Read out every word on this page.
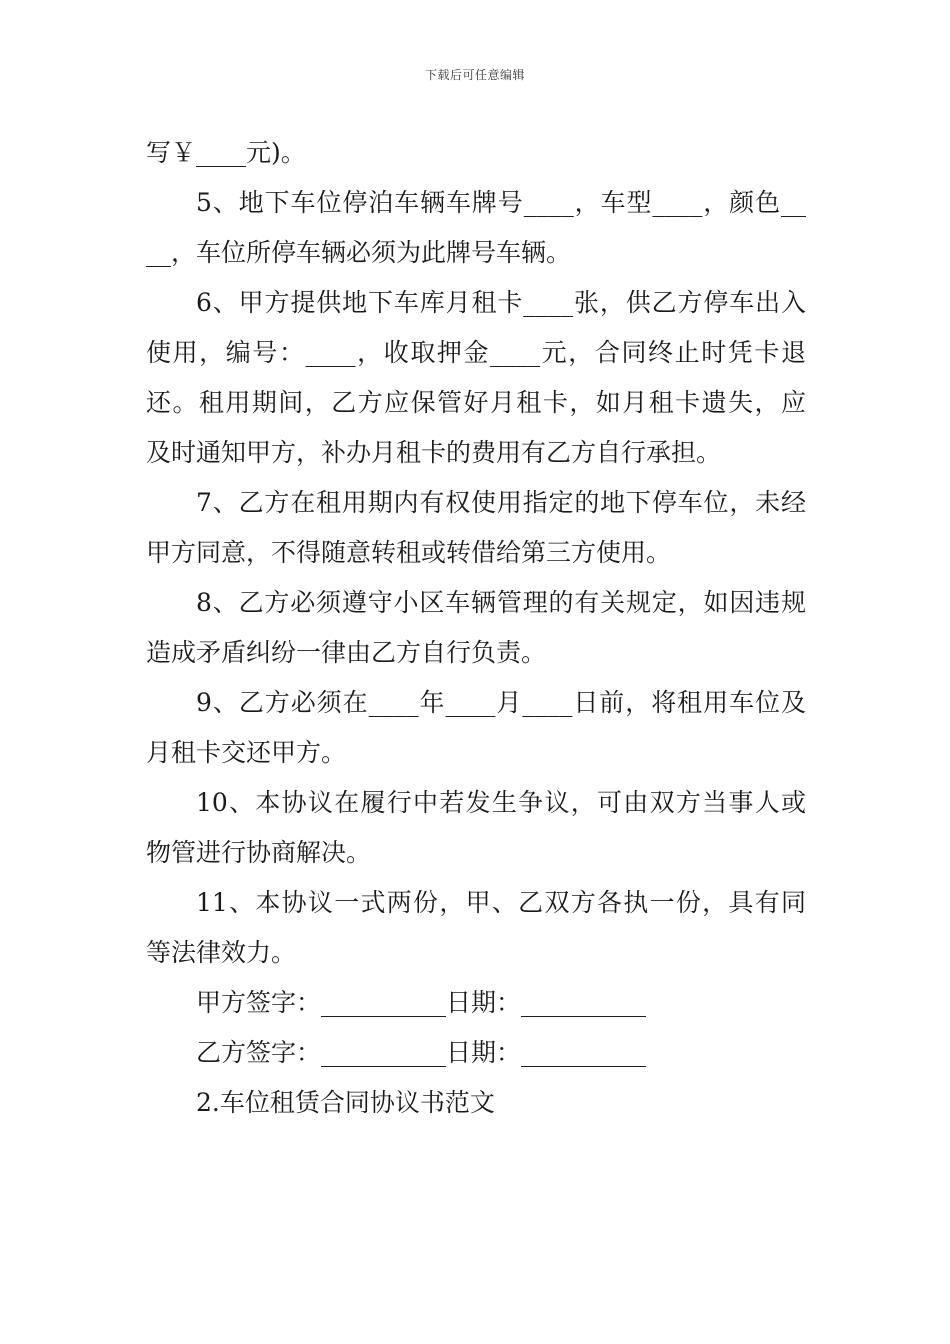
下载后可任意编辑
写￥____元)。
5、地下车位停泊车辆车牌号____，车型____，颜色__
__，车位所停车辆必须为此牌号车辆。
6、甲方提供地下车库月租卡____张，供乙方停车出入
使用，编号：____，收取押金____元，合同终止时凭卡退
还。租用期间，乙方应保管好月租卡，如月租卡遗失，应
及时通知甲方，补办月租卡的费用有乙方自行承担。
7、乙方在租用期内有权使用指定的地下停车位，未经
甲方同意，不得随意转租或转借给第三方使用。
8、乙方必须遵守小区车辆管理的有关规定，如因违规
造成矛盾纠纷一律由乙方自行负责。
9、乙方必须在____年____月____日前，将租用车位及
月租卡交还甲方。
10、本协议在履行中若发生争议，可由双方当事人或
物管进行协商解决。
11、本协议一式两份，甲、乙双方各执一份，具有同
等法律效力。
甲方签字：__________日期：__________
乙方签字：__________日期：__________
2.车位租赁合同协议书范文
